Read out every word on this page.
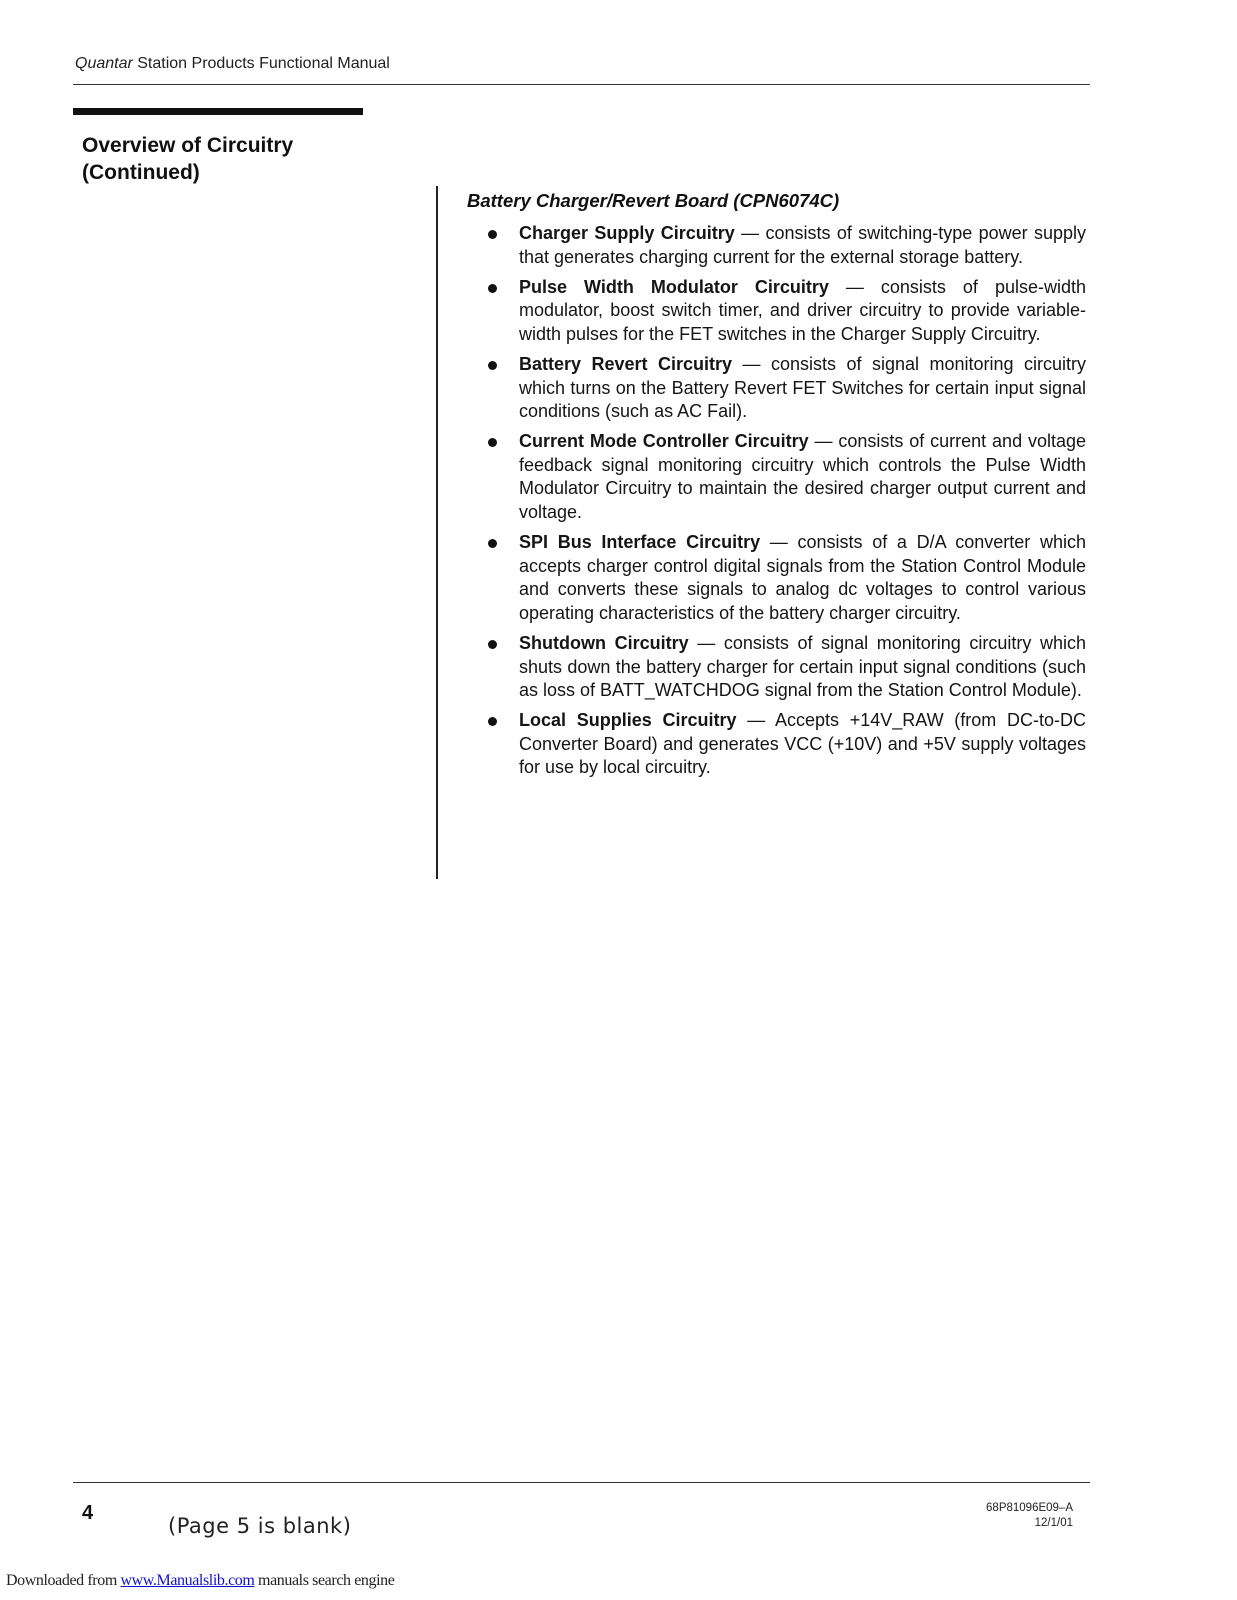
Quantar Station Products Functional Manual
Overview of Circuitry
(Continued)
Battery Charger/Revert Board (CPN6074C)
Charger Supply Circuitry — consists of switching-type power supply that generates charging current for the external storage battery.
Pulse Width Modulator Circuitry — consists of pulse-width modulator, boost switch timer, and driver circuitry to provide variable-width pulses for the FET switches in the Charger Supply Circuitry.
Battery Revert Circuitry — consists of signal monitoring circuitry which turns on the Battery Revert FET Switches for certain input signal conditions (such as AC Fail).
Current Mode Controller Circuitry — consists of current and voltage feedback signal monitoring circuitry which controls the Pulse Width Modulator Circuitry to maintain the desired charger output current and voltage.
SPI Bus Interface Circuitry — consists of a D/A converter which accepts charger control digital signals from the Station Control Module and converts these signals to analog dc voltages to control various operating characteristics of the battery charger circuitry.
Shutdown Circuitry — consists of signal monitoring circuitry which shuts down the battery charger for certain input signal conditions (such as loss of BATT_WATCHDOG signal from the Station Control Module).
Local Supplies Circuitry — Accepts +14V_RAW (from DC-to-DC Converter Board) and generates VCC (+10V) and +5V supply voltages for use by local circuitry.
4
(Page 5 is blank)
68P81096E09–A
12/1/01
Downloaded from www.Manualslib.com manuals search engine
